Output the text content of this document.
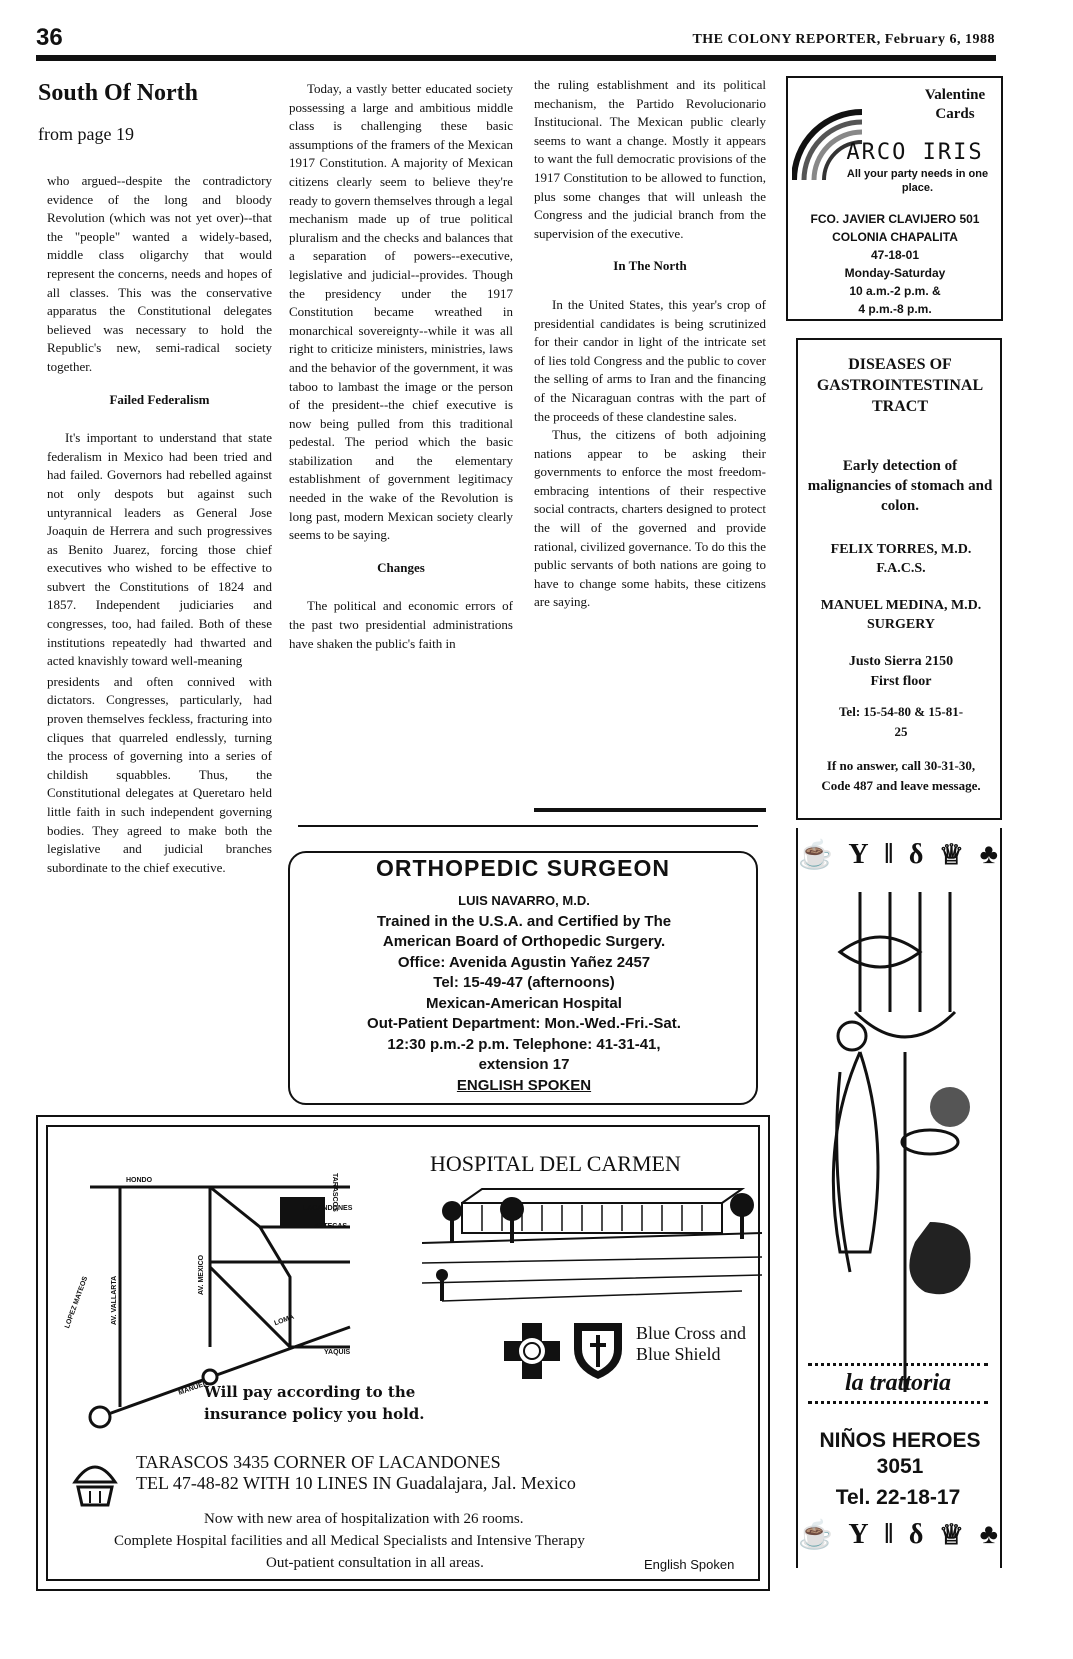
36	THE COLONY REPORTER, February 6, 1988
South Of North
from page 19

who argued--despite the contradictory evidence of the long and bloody Revolution (which was not yet over)--that the "people" wanted a widely-based, middle class oligarchy that would represent the concerns, needs and hopes of all classes. This was the conservative apparatus the Constitutional delegates believed was necessary to hold the Republic's new, semi-radical society together.

Failed Federalism

It's important to understand that state federalism in Mexico had been tried and had failed. Governors had rebelled against not only despots but against such untyrannical leaders as General Jose Joaquin de Herrera and such progressives as Benito Juarez, forcing those chief executives who wished to be effective to subvert the Constitutions of 1824 and 1857. Independent judiciaries and congresses, too, had failed. Both of these institutions repeatedly had thwarted and acted knavishly toward well-meaning

presidents and often connived with dictators. Congresses, particularly, had proven themselves feckless, fracturing into cliques that quarreled endlessly, turning the process of governing into a series of childish squabbles. Thus, the Constitutional delegates at Queretaro held little faith in such independent governing bodies. They agreed to make both the legislative and judicial branches subordinate to the chief executive.

Today, a vastly better educated society possessing a large and ambitious middle class is challenging these basic assumptions of the framers of the Mexican 1917 Constitution. A majority of Mexican citizens clearly seem to believe they're ready to govern themselves through a legal mechanism made up of true political pluralism and the checks and balances that a separation of powers--executive, legislative and judicial--provides. Though the presidency under the 1917 Constitution became wreathed in monarchical sovereignty--while it was all right to criticize ministers, ministries, laws and the behavior of the government, it was taboo to lambast the image or the person of the president--the chief executive is now being pulled from this traditional pedestal. The period which the basic stabilization and the elementary establishment of government legitimacy needed in the wake of the Revolution is long past, modern Mexican society clearly seems to be saying.

Changes

The political and economic errors of the past two presidential administrations have shaken the public's faith in

the ruling establishment and its political mechanism, the Partido Revolucionario Institucional. The Mexican public clearly seems to want a change. Mostly it appears to want the full democratic provisions of the 1917 Constitution to be allowed to function, plus some changes that will unleash the Congress and the judicial branch from the supervision of the executive.

In The North

In the United States, this year's crop of presidential candidates is being scrutinized for their candor in light of the intricate set of lies told Congress and the public to cover the selling of arms to Iran and the financing of the Nicaraguan contras with the part of the proceeds of these clandestine sales.

Thus, the citizens of both adjoining nations appear to be asking their governments to enforce the most freedom-embracing intentions of their respective social contracts, charters designed to protect the will of the governed and provide rational, civilized governance. To do this the public servants of both nations are going to have to change some habits, these citizens are saying.

Valentine Cards
ARCO IRIS
All your party needs in one place.
FCO. JAVIER CLAVIJERO 501
COLONIA CHAPALITA
47-18-01
Monday-Saturday
10 a.m.-2 p.m. &
4 p.m.-8 p.m.
DISEASES OF GASTROINTESTINAL TRACT
Early detection of malignancies of stomach and colon.
FELIX TORRES, M.D. F.A.C.S.
MANUEL MEDINA, M.D. SURGERY
Justo Sierra 2150 First floor
Tel: 15-54-80 & 15-81-25
If no answer, call 30-31-30, Code 487 and leave message.
ORTHOPEDIC SURGEON
LUIS NAVARRO, M.D.
Trained in the U.S.A. and Certified by The
American Board of Orthopedic Surgery.
Office: Avenida Agustin Yañez 2457
Tel: 15-49-47 (afternoons)
Mexican-American Hospital
Out-Patient Department: Mon.-Wed.-Fri.-Sat.
12:30 p.m.-2 p.m. Telephone: 41-31-41,
extension 17
ENGLISH SPOKEN
HONDO	TARASCOS
LACANDONES
AZTECAS
AV. VALLARTA
AV. MEXICO
LOPEZ MATEOS	LOMA
YAQUIS
MANUEL
HOSPITAL DEL CARMEN
Blue Cross and Blue Shield
Will pay according to the insurance policy you hold.
TARASCOS 3435 CORNER OF LACANDONES
TEL 47-48-82 WITH 10 LINES IN Guadalajara, Jal. Mexico
Now with new area of hospitalization with 26 rooms.
Complete Hospital facilities and all Medical Specialists and Intensive Therapy
Out-patient consultation in all areas.	English Spoken
☕ Y ǁ δ ♕ ♣
la trattoria
NIÑOS HEROES 3051
Tel. 22-18-17
☕ Y ǁ δ ♕ ♣
